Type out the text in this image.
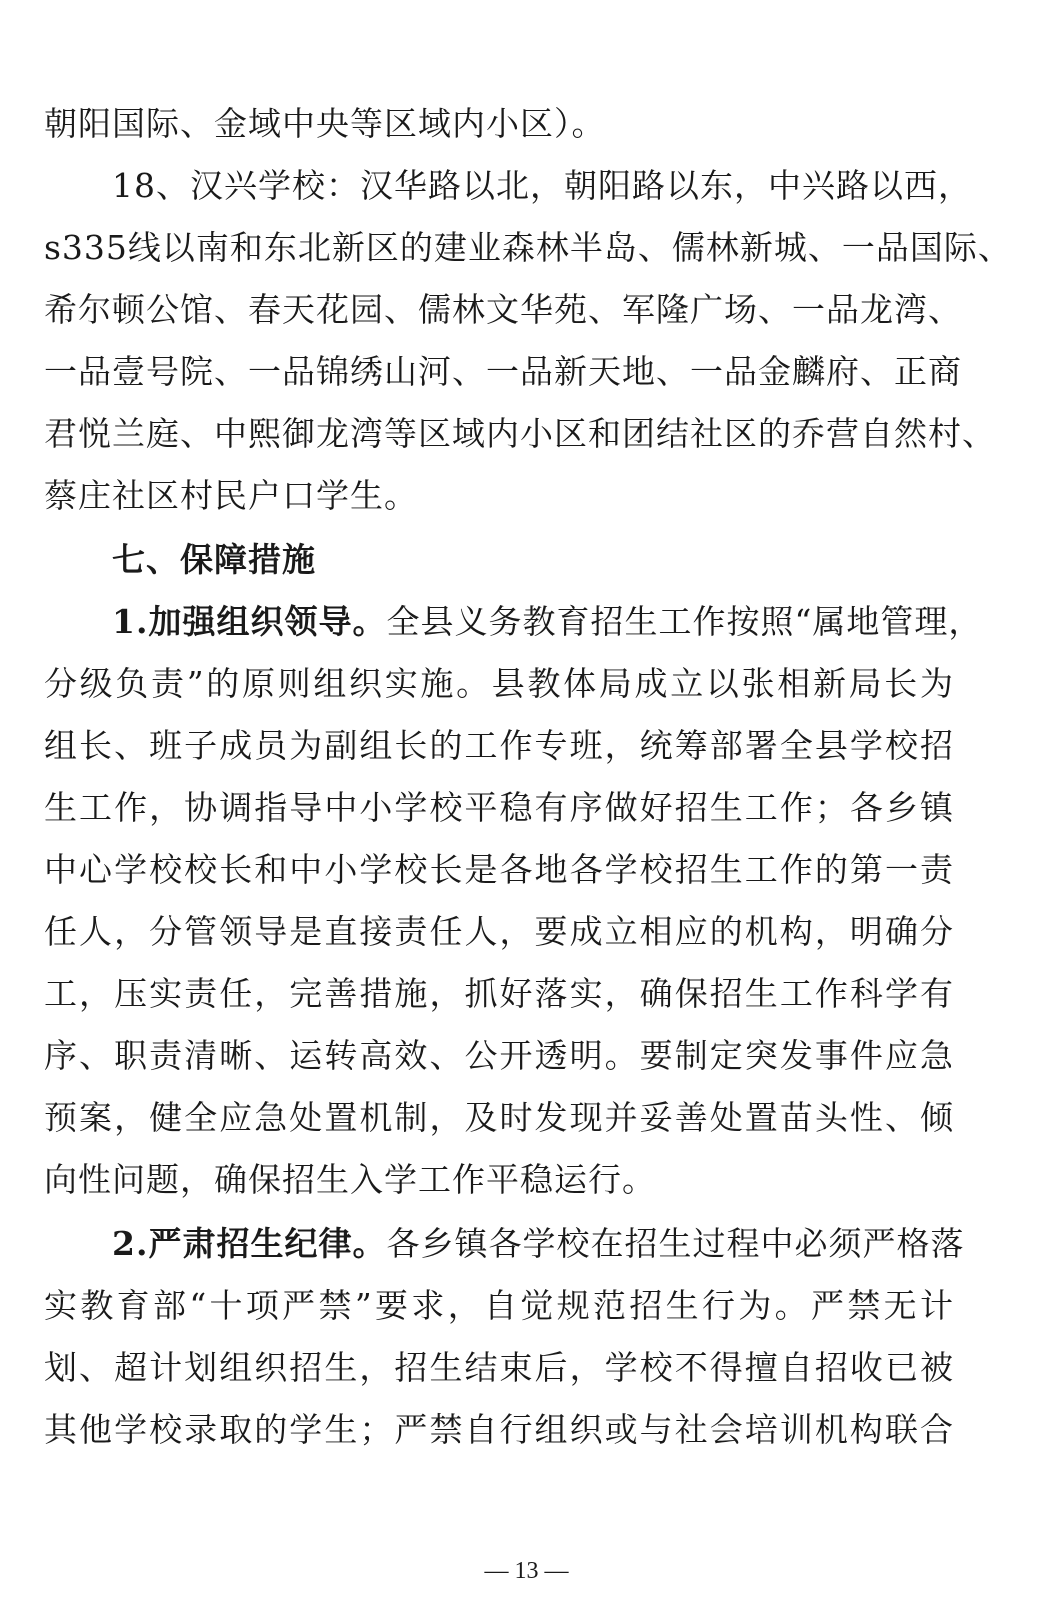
朝阳国际、金域中央等区域内小区）。
18、汉兴学校：汉华路以北，朝阳路以东，中兴路以西，
s335线以南和东北新区的建业森林半岛、儒林新城、一品国际、
希尔顿公馆、春天花园、儒林文华苑、军隆广场、一品龙湾、
一品壹号院、一品锦绣山河、一品新天地、一品金麟府、正商
君悦兰庭、中熙御龙湾等区域内小区和团结社区的乔营自然村、
蔡庄社区村民户口学生。
七、保障措施
1.加强组织领导。全县义务教育招生工作按照“属地管理，
分级负责”的原则组织实施。县教体局成立以张相新局长为
组长、班子成员为副组长的工作专班，统筹部署全县学校招
生工作，协调指导中小学校平稳有序做好招生工作；各乡镇
中心学校校长和中小学校长是各地各学校招生工作的第一责
任人，分管领导是直接责任人，要成立相应的机构，明确分
工，压实责任，完善措施，抓好落实，确保招生工作科学有
序、职责清晰、运转高效、公开透明。要制定突发事件应急
预案，健全应急处置机制，及时发现并妥善处置苗头性、倾
向性问题，确保招生入学工作平稳运行。
2.严肃招生纪律。各乡镇各学校在招生过程中必须严格落
实教育部“十项严禁”要求，自觉规范招生行为。严禁无计
划、超计划组织招生，招生结束后，学校不得擅自招收已被
其他学校录取的学生；严禁自行组织或与社会培训机构联合
— 13 —
